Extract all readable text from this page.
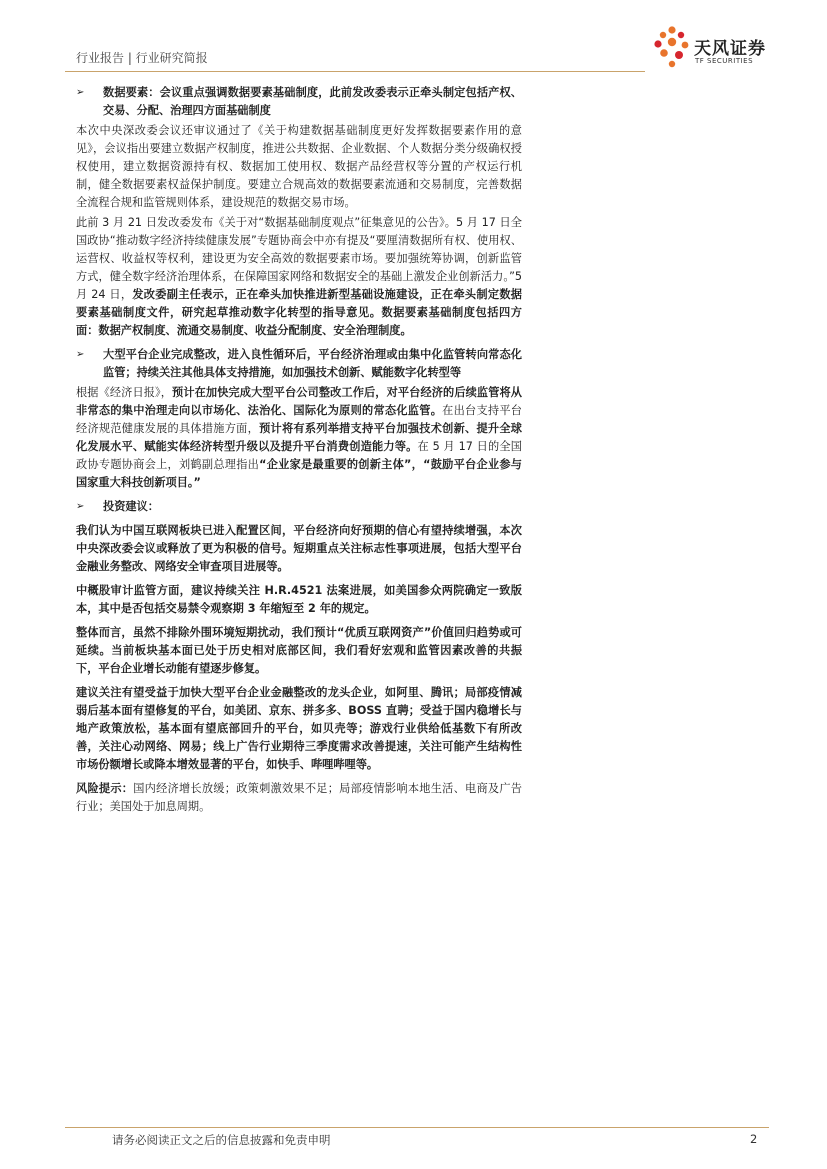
行业报告 | 行业研究简报	天风证券
TF SECURITIES
➢ 数据要素：会议重点强调数据要素基础制度，此前发改委表示正牵头制定包括产权、交易、分配、治理四方面基础制度

本次中央深改委会议还审议通过了《关于构建数据基础制度更好发挥数据要素作用的意见》，会议指出要建立数据产权制度，推进公共数据、企业数据、个人数据分类分级确权授权使用，建立数据资源持有权、数据加工使用权、数据产品经营权等分置的产权运行机制，健全数据要素权益保护制度。要建立合规高效的数据要素流通和交易制度，完善数据全流程合规和监管规则体系，建设规范的数据交易市场。

此前 3 月 21 日发改委发布《关于对“数据基础制度观点”征集意见的公告》。5 月 17 日全国政协“推动数字经济持续健康发展”专题协商会中亦有提及“要厘清数据所有权、使用权、运营权、收益权等权利，建设更为安全高效的数据要素市场。要加强统筹协调，创新监管方式，健全数字经济治理体系，在保障国家网络和数据安全的基础上激发企业创新活力。”5 月 24 日，发改委副主任表示，正在牵头加快推进新型基础设施建设，正在牵头制定数据要素基础制度文件，研究起草推动数字化转型的指导意见。数据要素基础制度包括四方面：数据产权制度、流通交易制度、收益分配制度、安全治理制度。

➢ 大型平台企业完成整改，进入良性循环后，平台经济治理或由集中化监管转向常态化监管；持续关注其他具体支持措施，如加强技术创新、赋能数字化转型等

根据《经济日报》，预计在加快完成大型平台公司整改工作后，对平台经济的后续监管将从非常态的集中治理走向以市场化、法治化、国际化为原则的常态化监管。在出台支持平台经济规范健康发展的具体措施方面，预计将有系列举措支持平台加强技术创新、提升全球化发展水平、赋能实体经济转型升级以及提升平台消费创造能力等。在 5 月 17 日的全国政协专题协商会上，刘鹤副总理指出“企业家是最重要的创新主体”，“鼓励平台企业参与国家重大科技创新项目。”

➢ 投资建议：

我们认为中国互联网板块已进入配置区间，平台经济向好预期的信心有望持续增强，本次中央深改委会议或释放了更为积极的信号。短期重点关注标志性事项进展，包括大型平台金融业务整改、网络安全审查项目进展等。

中概股审计监管方面，建议持续关注 H.R.4521 法案进展，如美国参众两院确定一致版本，其中是否包括交易禁令观察期 3 年缩短至 2 年的规定。

整体而言，虽然不排除外围环境短期扰动，我们预计“优质互联网资产”价值回归趋势或可延续。当前板块基本面已处于历史相对底部区间，我们看好宏观和监管因素改善的共振下，平台企业增长动能有望逐步修复。

建议关注有望受益于加快大型平台企业金融整改的龙头企业，如阿里、腾讯；局部疫情减弱后基本面有望修复的平台，如美团、京东、拼多多、BOSS 直聘；受益于国内稳增长与地产政策放松，基本面有望底部回升的平台，如贝壳等；游戏行业供给低基数下有所改善，关注心动网络、网易；线上广告行业期待三季度需求改善提速，关注可能产生结构性市场份额增长或降本增效显著的平台，如快手、哔哩哔哩等。

风险提示：国内经济增长放缓；政策刺激效果不足；局部疫情影响本地生活、电商及广告行业；美国处于加息周期。

请务必阅读正文之后的信息披露和免责申明	2
